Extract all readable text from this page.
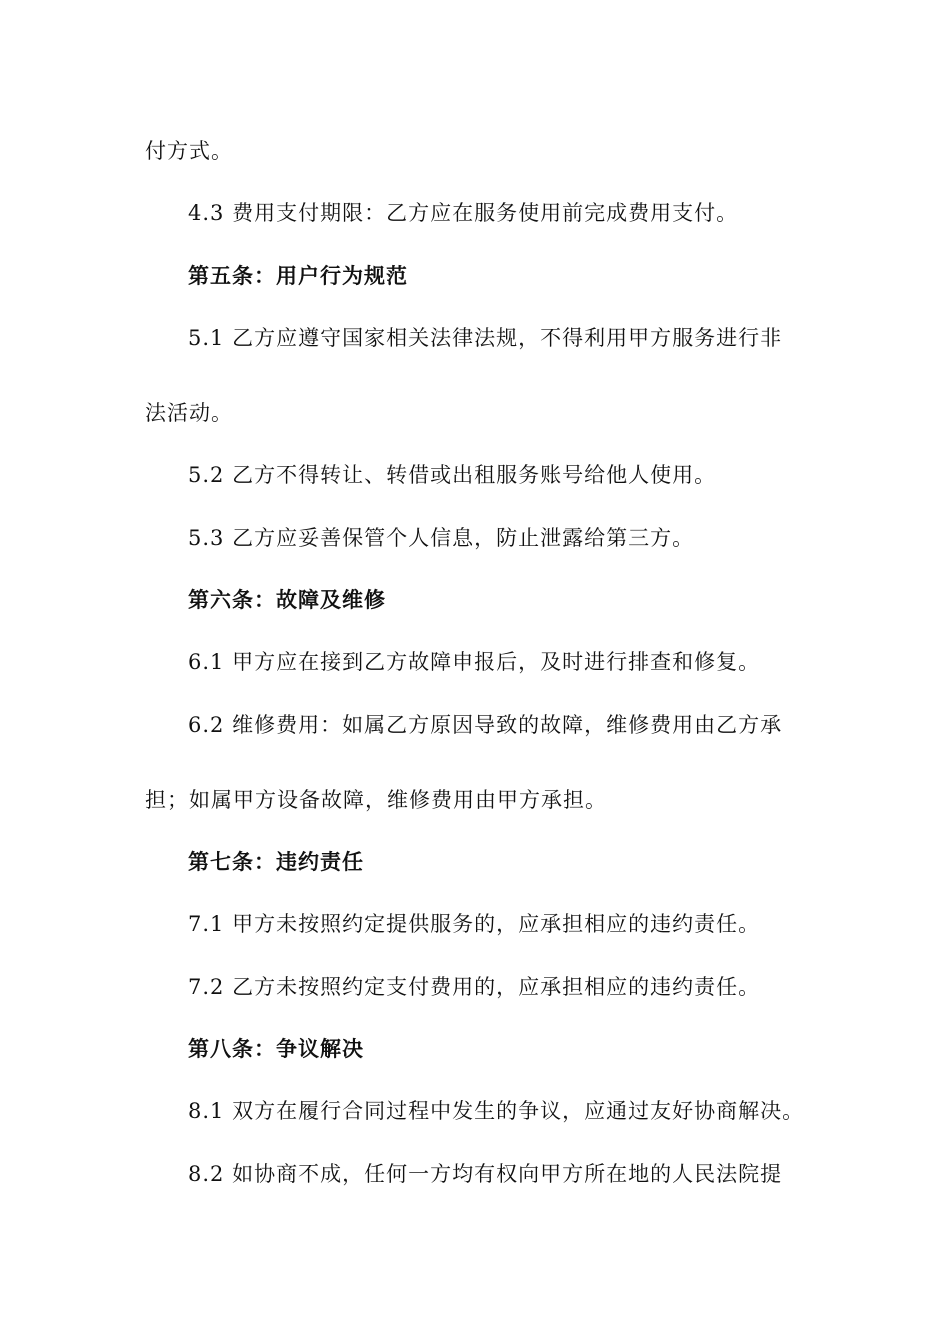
付方式。
4.3 费用支付期限：乙方应在服务使用前完成费用支付。
第五条：用户行为规范
5.1 乙方应遵守国家相关法律法规，不得利用甲方服务进行非
法活动。
5.2 乙方不得转让、转借或出租服务账号给他人使用。
5.3 乙方应妥善保管个人信息，防止泄露给第三方。
第六条：故障及维修
6.1 甲方应在接到乙方故障申报后，及时进行排查和修复。
6.2 维修费用：如属乙方原因导致的故障，维修费用由乙方承
担；如属甲方设备故障，维修费用由甲方承担。
第七条：违约责任
7.1 甲方未按照约定提供服务的，应承担相应的违约责任。
7.2 乙方未按照约定支付费用的，应承担相应的违约责任。
第八条：争议解决
8.1 双方在履行合同过程中发生的争议，应通过友好协商解决。
8.2 如协商不成，任何一方均有权向甲方所在地的人民法院提
